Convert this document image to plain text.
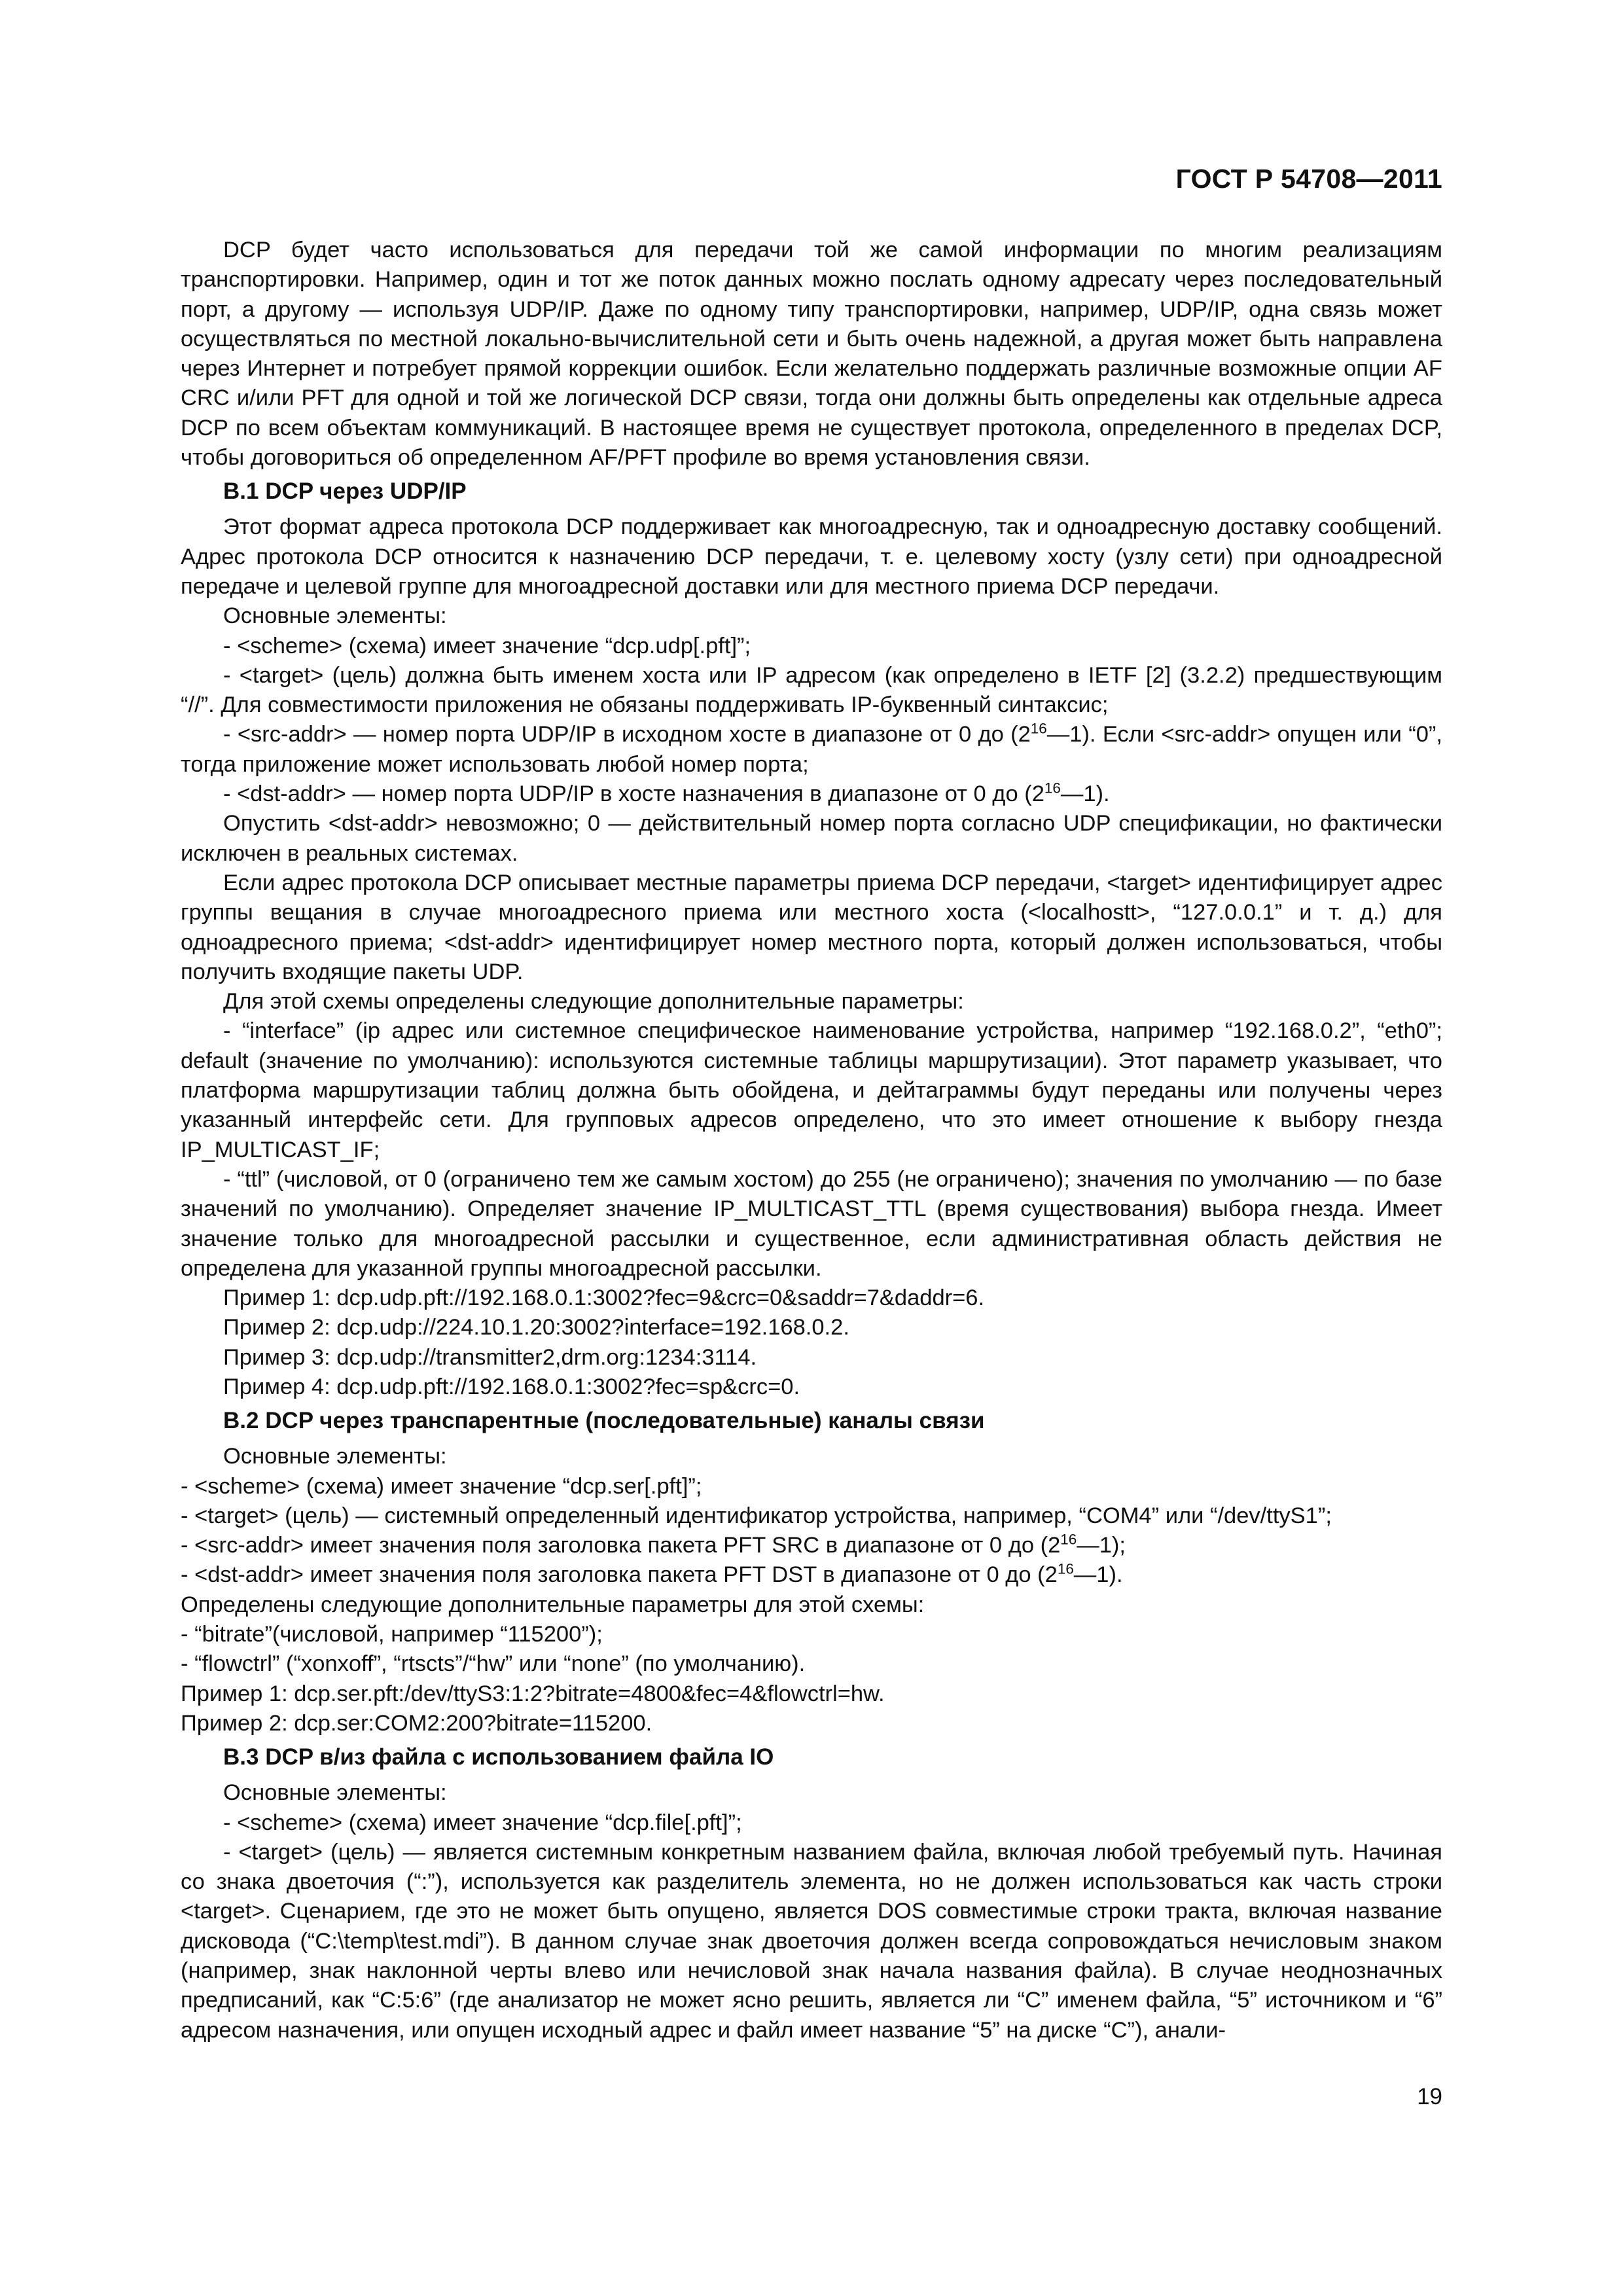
ГОСТ Р 54708—2011

DCP будет часто использоваться для передачи той же самой информации по многим реализациям транспортировки. Например, один и тот же поток данных можно послать одному адресату через последовательный порт, а другому — используя UDP/IP. Даже по одному типу транспортировки, например, UDP/IP, одна связь может осуществляться по местной локально-вычислительной сети и быть очень надежной, а другая может быть направлена через Интернет и потребует прямой коррекции ошибок. Если желательно поддержать различные возможные опции AF CRC и/или PFT для одной и той же логической DCP связи, тогда они должны быть определены как отдельные адреса DCP по всем объектам коммуникаций. В настоящее время не существует протокола, определенного в пределах DCP, чтобы договориться об определенном AF/PFT профиле во время установления связи.

В.1 DCP через UDP/IP

Этот формат адреса протокола DCP поддерживает как многоадресную, так и одноадресную доставку сообщений. Адрес протокола DCP относится к назначению DCP передачи, т. е. целевому хосту (узлу сети) при одноадресной передаче и целевой группе для многоадресной доставки или для местного приема DCP передачи.

Основные элементы:

- <scheme> (схема) имеет значение “dcp.udp[.pft]”;

- <target> (цель) должна быть именем хоста или IP адресом (как определено в IETF [2] (3.2.2) предшествующим “//”. Для совместимости приложения не обязаны поддерживать IP-буквенный синтаксис;

- <src-addr> — номер порта UDP/IP в исходном хосте в диапазоне от 0 до $(2^{16}—1)$. Если <src-addr> опущен или “0”, тогда приложение может использовать любой номер порта;

- <dst-addr> — номер порта UDP/IP в хосте назначения в диапазоне от 0 до $(2^{16}—1)$.

Опустить <dst-addr> невозможно; 0 — действительный номер порта согласно UDP спецификации, но фактически исключен в реальных системах.

Если адрес протокола DCP описывает местные параметры приема DCP передачи, <target> идентифицирует адрес группы вещания в случае многоадресного приема или местного хоста (<localhostt>, “127.0.0.1” и т. д.) для одноадресного приема; <dst-addr> идентифицирует номер местного порта, который должен использоваться, чтобы получить входящие пакеты UDP.

Для этой схемы определены следующие дополнительные параметры:

- “interface” (ip адрес или системное специфическое наименование устройства, например “192.168.0.2”, “eth0”; default (значение по умолчанию): используются системные таблицы маршрутизации). Этот параметр указывает, что платформа маршрутизации таблиц должна быть обойдена, и дейтаграммы будут переданы или получены через указанный интерфейс сети. Для групповых адресов определено, что это имеет отношение к выбору гнезда IP_MULTICAST_IF;

- “ttl” (числовой, от 0 (ограничено тем же самым хостом) до 255 (не ограничено); значения по умолчанию — по базе значений по умолчанию). Определяет значение IP_MULTICAST_TTL (время существования) выбора гнезда. Имеет значение только для многоадресной рассылки и существенное, если административная область действия не определена для указанной группы многоадресной рассылки.

Пример 1: dcp.udp.pft://192.168.0.1:3002?fec=9&crc=0&saddr=7&daddr=6.

Пример 2: dcp.udp://224.10.1.20:3002?interface=192.168.0.2.

Пример 3: dcp.udp://transmitter2,drm.org:1234:3114.

Пример 4: dcp.udp.pft://192.168.0.1:3002?fec=sp&crc=0.

В.2 DCP через транспарентные (последовательные) каналы связи

Основные элементы:

- <scheme> (схема) имеет значение “dcp.ser[.pft]”;

- <target> (цель) — системный определенный идентификатор устройства, например, “COM4” или “/dev/ttyS1”;

- <src-addr> имеет значения поля заголовка пакета PFT SRC в диапазоне от 0 до $(2^{16}—1)$;

- <dst-addr> имеет значения поля заголовка пакета PFT DST в диапазоне от 0 до $(2^{16}—1)$.

Определены следующие дополнительные параметры для этой схемы:

- “bitrate”(числовой, например “115200”);

- “flowctrl” (“xonxoff”, “rtscts”/“hw” или “none” (по умолчанию).

Пример 1: dcp.ser.pft:/dev/ttyS3:1:2?bitrate=4800&fec=4&flowctrl=hw.

Пример 2: dcp.ser:COM2:200?bitrate=115200.

В.3 DCP в/из файла с использованием файла IO

Основные элементы:

- <scheme> (схема) имеет значение “dcp.file[.pft]”;

- <target> (цель) — является системным конкретным названием файла, включая любой требуемый путь. Начиная со знака двоеточия (“:”), используется как разделитель элемента, но не должен использоваться как часть строки <target>. Сценарием, где это не может быть опущено, является DOS совместимые строки тракта, включая название дисковода (“C:\temp\test.mdi”). В данном случае знак двоеточия должен всегда сопровождаться нечисловым знаком (например, знак наклонной черты влево или нечисловой знак начала названия файла). В случае неоднозначных предписаний, как “C:5:6” (где анализатор не может ясно решить, является ли “C” именем файла, “5” источником и “6” адресом назначения, или опущен исходный адрес и файл имеет название “5” на диске “C”), анали-

19
